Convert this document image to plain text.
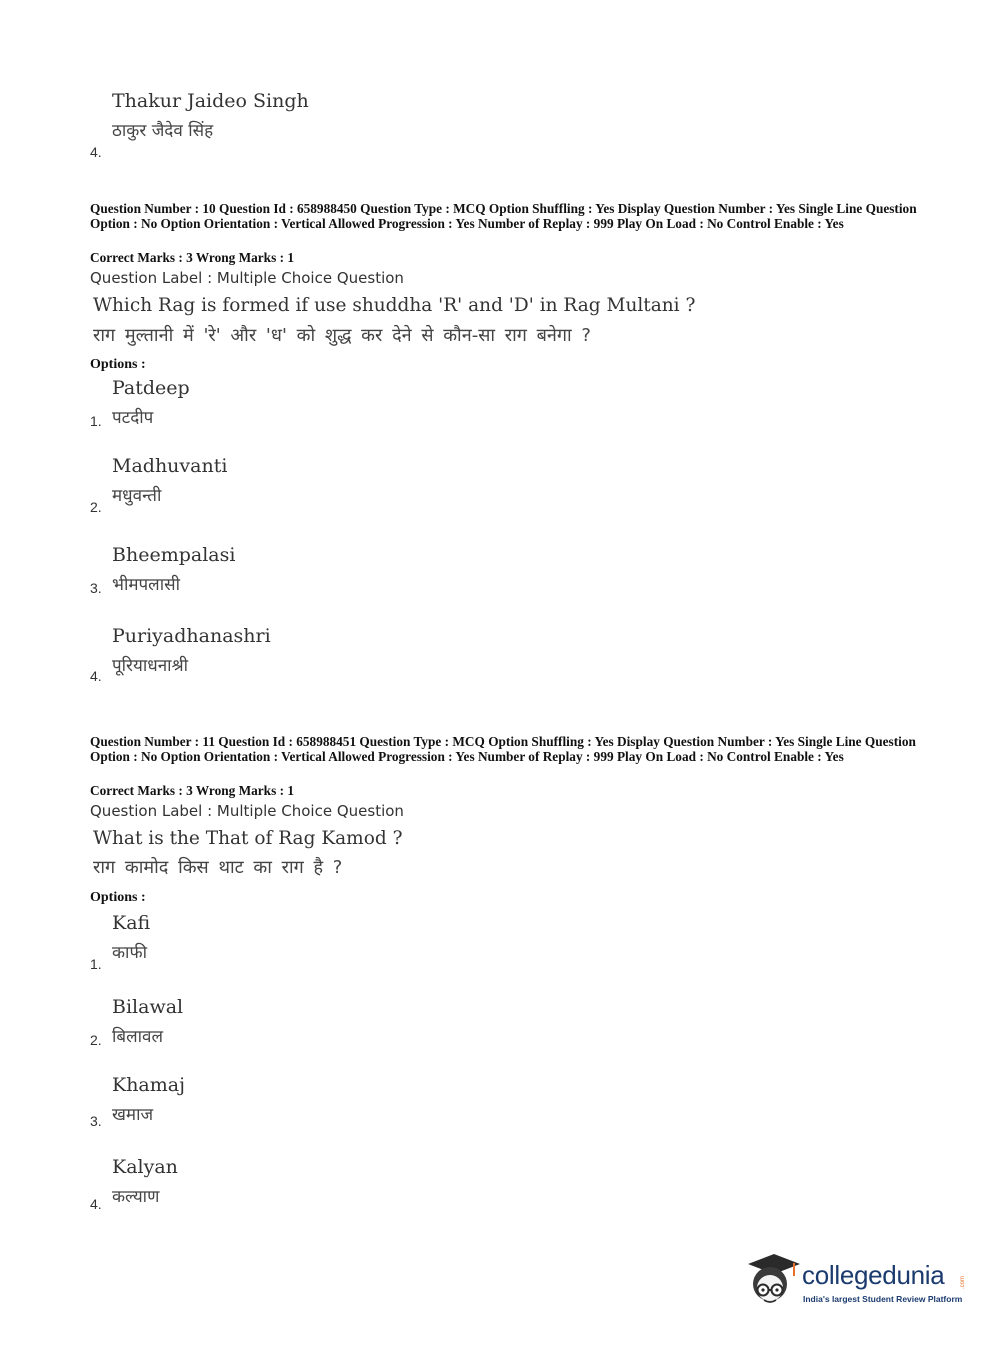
Thakur Jaideo Singh
ठाकुर जैदेव सिंह
4.
Question Number : 10 Question Id : 658988450 Question Type : MCQ Option Shuffling : Yes Display Question Number : Yes Single Line Question Option : No Option Orientation : Vertical Allowed Progression : Yes Number of Replay : 999 Play On Load : No Control Enable : Yes
Correct Marks : 3 Wrong Marks : 1
Question Label : Multiple Choice Question
Which Rag is formed if use shuddha 'R' and 'D' in Rag Multani ?
राग मुल्तानी में 'रे' और 'ध' को शुद्ध कर देने से कौन-सा राग बनेगा ?
Options :
Patdeep
पटदीप
1.
Madhuvanti
मधुवन्ती
2.
Bheempalasi
भीमपलासी
3.
Puriyadhanashri
पूरियाधनाश्री
4.
Question Number : 11 Question Id : 658988451 Question Type : MCQ Option Shuffling : Yes Display Question Number : Yes Single Line Question Option : No Option Orientation : Vertical Allowed Progression : Yes Number of Replay : 999 Play On Load : No Control Enable : Yes
Correct Marks : 3 Wrong Marks : 1
Question Label : Multiple Choice Question
What is the That of Rag Kamod ?
राग कामोद किस थाट का राग है ?
Options :
Kafi
काफी
1.
Bilawal
बिलावल
2.
Khamaj
खमाज
3.
Kalyan
कल्याण
4.
collegedunia	.com
India's largest Student Review Platform
